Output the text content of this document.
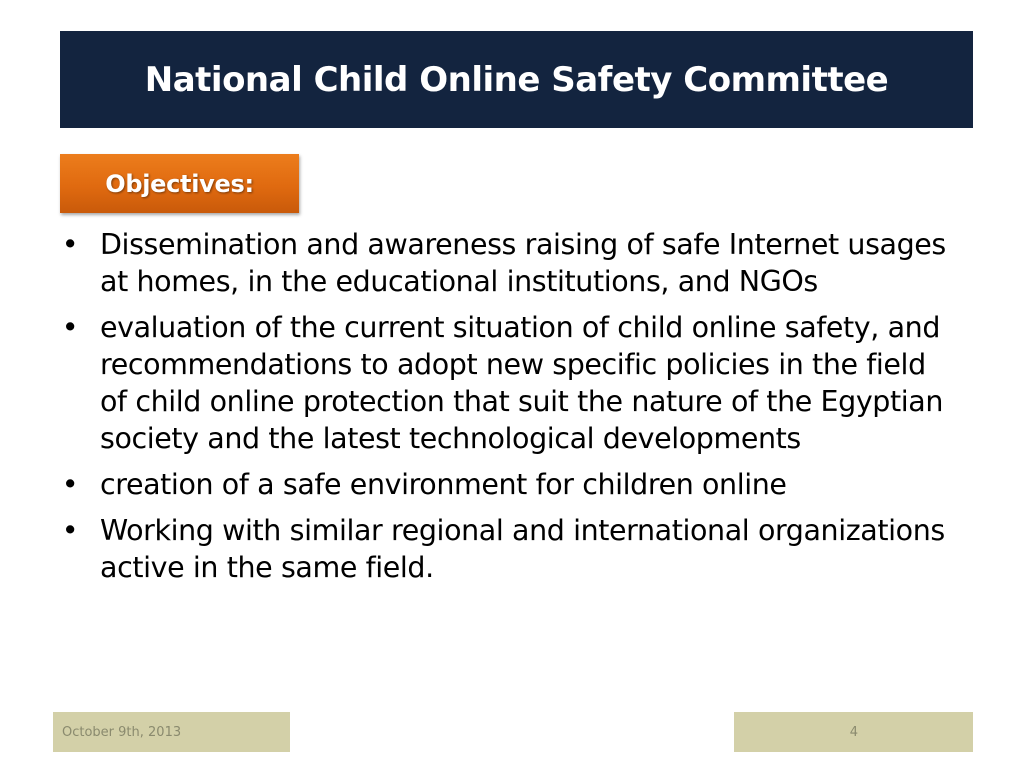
National Child Online Safety Committee
Objectives:
• Dissemination and awareness raising of safe Internet usages at homes, in the educational institutions, and NGOs
• evaluation of the current situation of child online safety, and recommendations to adopt new specific policies in the field of child online protection that suit the nature of the Egyptian society and the latest technological developments
• creation of a safe environment for children online
• Working with similar regional and international organizations active in the same field.
October 9th, 2013	4
